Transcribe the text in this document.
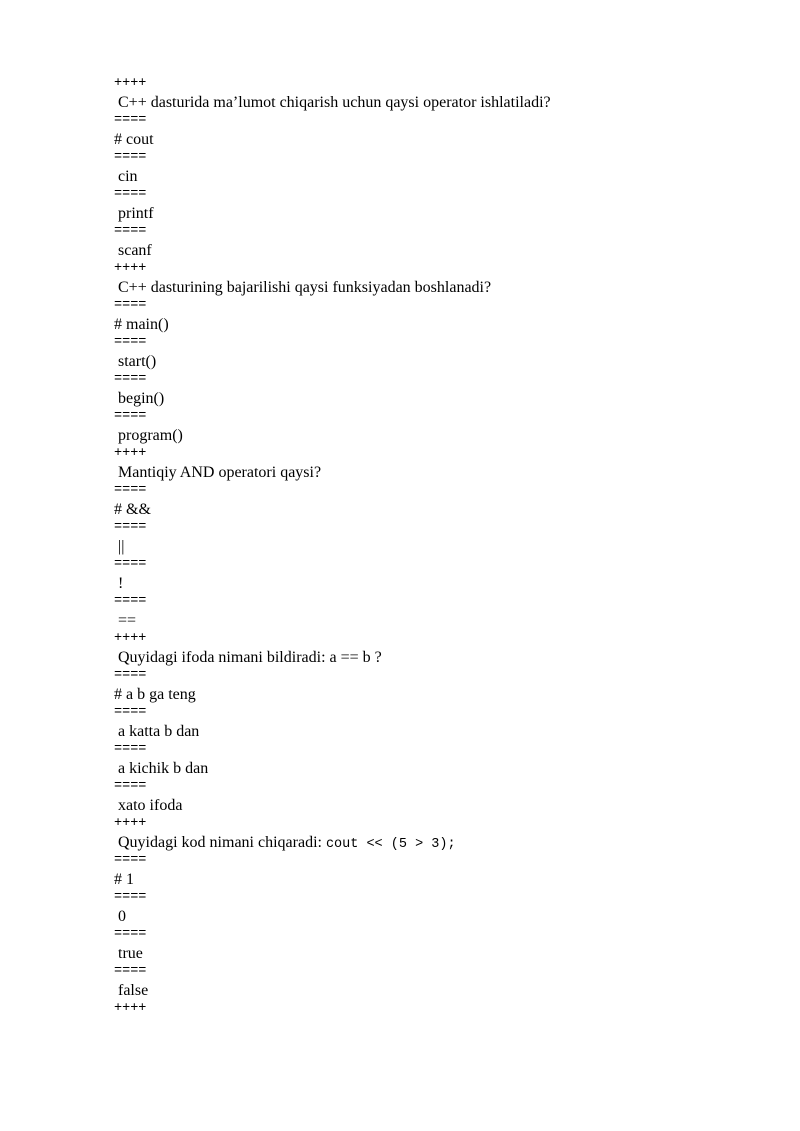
++++
C++ dasturida ma’lumot chiqarish uchun qaysi operator ishlatiladi?
====
# cout
====
cin
====
printf
====
scanf
++++
C++ dasturining bajarilishi qaysi funksiyadan boshlanadi?
====
# main()
====
start()
====
begin()
====
program()
++++
Mantiqiy AND operatori qaysi?
====
# &&
====
||
====
!
====
==
++++
Quyidagi ifoda nimani bildiradi: a == b ?
====
# a b ga teng
====
a katta b dan
====
a kichik b dan
====
xato ifoda
++++
Quyidagi kod nimani chiqaradi: cout << (5 > 3);
====
# 1
====
0
====
true
====
false
++++
